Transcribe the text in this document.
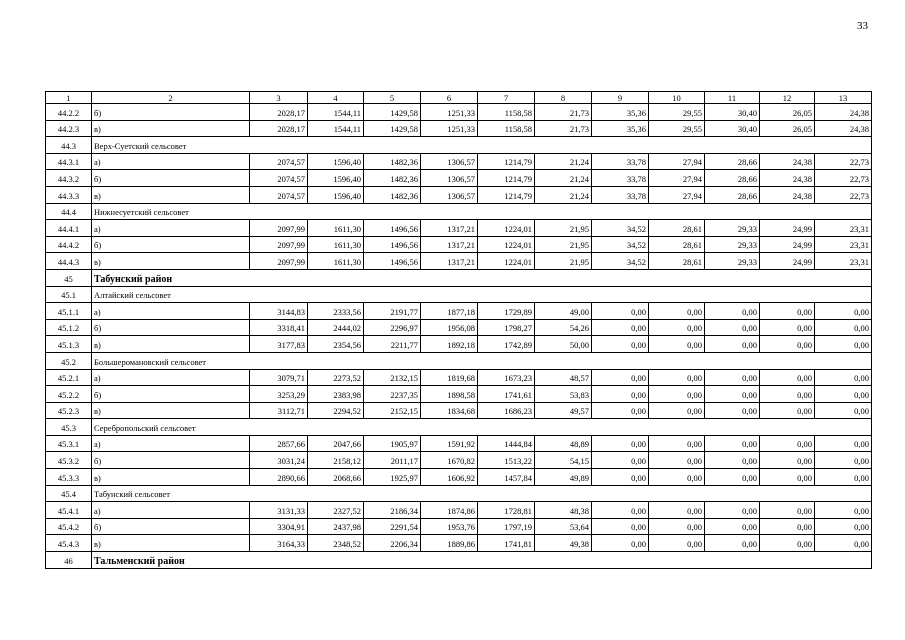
33
1	2	3	4	5	6	7	8	9	10	11	12	13
44.2.2	б)	2028,17	1544,11	1429,58	1251,33	1158,58	21,73	35,36	29,55	30,40	26,05	24,38
44.2.3	в)	2028,17	1544,11	1429,58	1251,33	1158,58	21,73	35,36	29,55	30,40	26,05	24,38
44.3	Верх-Суетский сельсовет											
44.3.1	а)	2074,57	1596,40	1482,36	1306,57	1214,79	21,24	33,78	27,94	28,66	24,38	22,73
44.3.2	б)	2074,57	1596,40	1482,36	1306,57	1214,79	21,24	33,78	27,94	28,66	24,38	22,73
44.3.3	в)	2074,57	1596,40	1482,36	1306,57	1214,79	21,24	33,78	27,94	28,66	24,38	22,73
44.4	Нижнесуетский сельсовет											
44.4.1	а)	2097,99	1611,30	1496,56	1317,21	1224,01	21,95	34,52	28,61	29,33	24,99	23,31
44.4.2	б)	2097,99	1611,30	1496,56	1317,21	1224,01	21,95	34,52	28,61	29,33	24,99	23,31
44.4.3	в)	2097,99	1611,30	1496,56	1317,21	1224,01	21,95	34,52	28,61	29,33	24,99	23,31
45	Табунский район											
45.1	Алтайский сельсовет											
45.1.1	а)	3144,83	2333,56	2191,77	1877,18	1729,89	49,00	0,00	0,00	0,00	0,00	0,00
45.1.2	б)	3318,41	2444,02	2296,97	1956,08	1798,27	54,26	0,00	0,00	0,00	0,00	0,00
45.1.3	в)	3177,83	2354,56	2211,77	1892,18	1742,89	50,00	0,00	0,00	0,00	0,00	0,00
45.2	Большеромановский сельсовет											
45.2.1	а)	3079,71	2273,52	2132,15	1819,68	1673,23	48,57	0,00	0,00	0,00	0,00	0,00
45.2.2	б)	3253,29	2383,98	2237,35	1898,58	1741,61	53,83	0,00	0,00	0,00	0,00	0,00
45.2.3	в)	3112,71	2294,52	2152,15	1834,68	1686,23	49,57	0,00	0,00	0,00	0,00	0,00
45.3	Серебропольский сельсовет											
45.3.1	а)	2857,66	2047,66	1905,97	1591,92	1444,84	48,89	0,00	0,00	0,00	0,00	0,00
45.3.2	б)	3031,24	2158,12	2011,17	1670,82	1513,22	54,15	0,00	0,00	0,00	0,00	0,00
45.3.3	в)	2890,66	2068,66	1925,97	1606,92	1457,84	49,89	0,00	0,00	0,00	0,00	0,00
45.4	Табунский сельсовет											
45.4.1	а)	3131,33	2327,52	2186,34	1874,86	1728,81	48,38	0,00	0,00	0,00	0,00	0,00
45.4.2	б)	3304,91	2437,98	2291,54	1953,76	1797,19	53,64	0,00	0,00	0,00	0,00	0,00
45.4.3	в)	3164,33	2348,52	2206,34	1889,86	1741,81	49,38	0,00	0,00	0,00	0,00	0,00
46	Тальменский район											
